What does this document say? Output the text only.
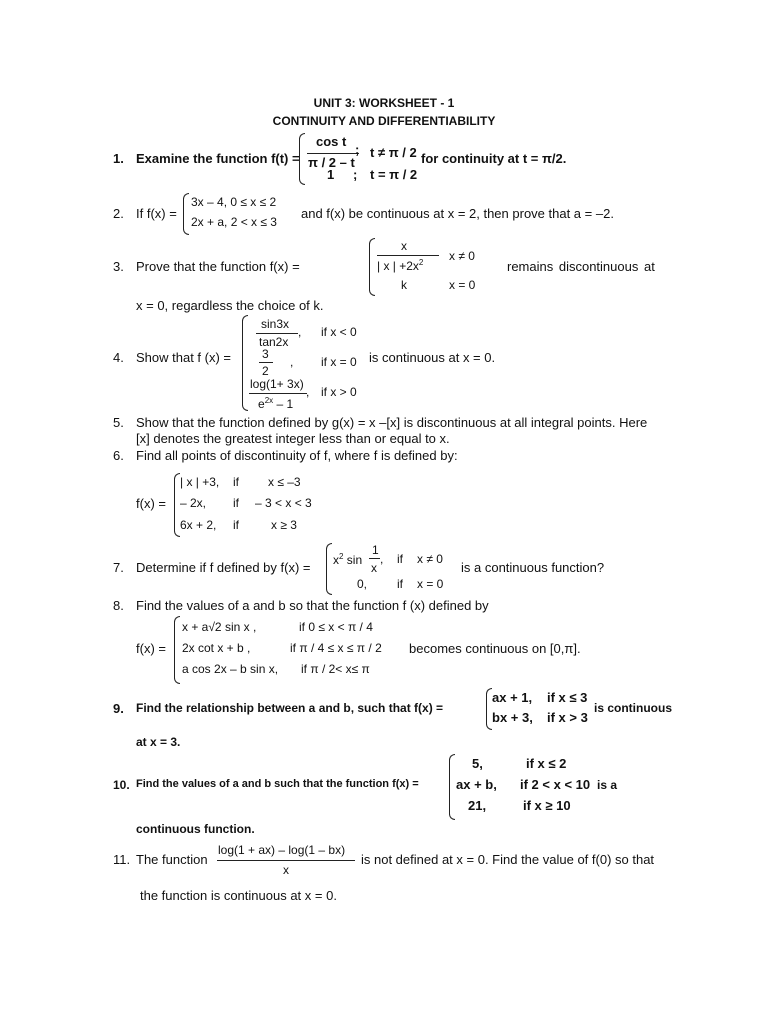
UNIT 3: WORKSHEET - 1
CONTINUITY AND DIFFERENTIABILITY
1. Examine the function f(t) =
cos t
π / 2 – t
; t ≠ π / 2
1 ; t = π / 2
for continuity at t = π/2.
2. If f(x) =
3x – 4, 0 ≤ x ≤ 2
2x + a, 2 < x ≤ 3
and f(x) be continuous at x = 2, then prove that a = –2.
3. Prove that the function f(x) =
x
| x | $+2x^2$ x ≠ 0
k	x = 0
remains discontinuous at
x = 0, regardless the choice of k.
4. Show that f (x) =
sin3x
tan2x
, if x < 0
3
2
, if x = 0
log(1+ 3x)
$e^{2x} - 1$
, if x > 0
is continuous at x = 0.
5. Show that the function defined by g(x) = x –[x] is discontinuous at all integral points. Here
[x] denotes the greatest integer less than or equal to x.
6. Find all points of discontinuity of f, where f is defined by:
f(x) =
| x | +3, if x ≤ –3
– 2x, if – 3 < x < 3
6x + 2, if	x ≥ 3
7. Determine if f defined by $f(x) = x^2$ sin
1
x
, if x ≠ 0
0, if x = 0
is a continuous function?
8. Find the values of a and b so that the function f (x) defined by
f(x) =
x + a√2 sin x ,	if 0 ≤ x < π / 4
2x cot x + b ,	if π / 4 ≤ x ≤ π / 2
a cos 2x – b sin x, if π / 2< x≤ π
becomes continuous on [0,π].
9. Find the relationship between a and b, such that f(x) =
ax + 1, if x ≤ 3
bx + 3, if x > 3
is continuous
at x = 3.
10. Find the values of a and b such that the function f(x) =
5,	if x ≤ 2
ax + b, if 2 < x < 10
21,	if x ≥ 10
is a
continuous function.
11. The function
log(1 + ax) – log(1 – bx)
x
is not defined at x = 0. Find the value of f(0) so that
the function is continuous at x = 0.
